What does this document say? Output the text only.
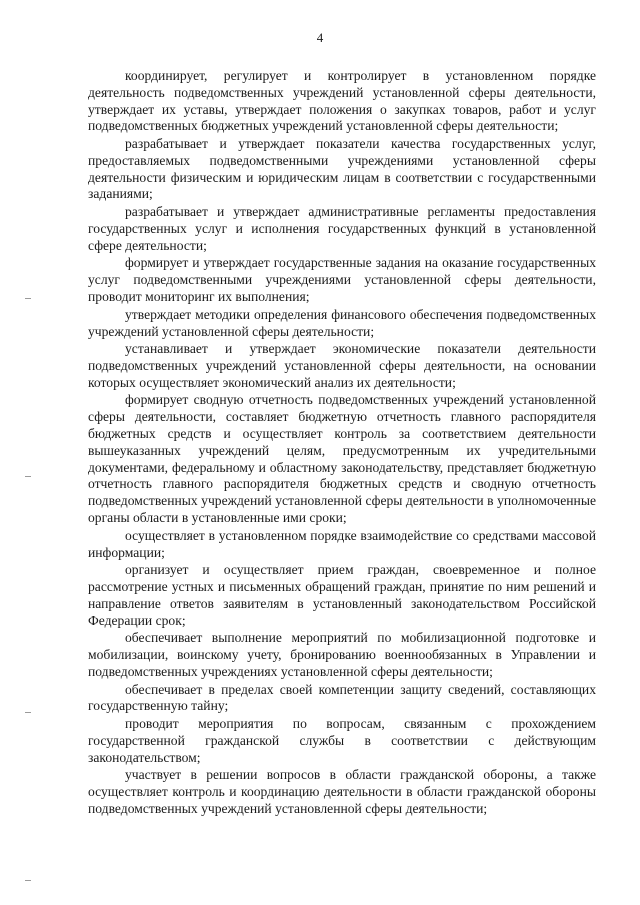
4

координирует, регулирует и контролирует в установленном порядке деятельность подведомственных учреждений установленной сферы деятельности, утверждает их уставы, утверждает положения о закупках товаров, работ и услуг подведомственных бюджетных учреждений установленной сферы деятельности;

разрабатывает и утверждает показатели качества государственных услуг, предоставляемых подведомственными учреждениями установленной сферы деятельности физическим и юридическим лицам в соответствии с государственными заданиями;

разрабатывает и утверждает административные регламенты предоставления государственных услуг и исполнения государственных функций в установленной сфере деятельности;

формирует и утверждает государственные задания на оказание государственных услуг подведомственными учреждениями установленной сферы деятельности, проводит мониторинг их выполнения;

утверждает методики определения финансового обеспечения подведомственных учреждений установленной сферы деятельности;

устанавливает и утверждает экономические показатели деятельности подведомственных учреждений установленной сферы деятельности, на основании которых осуществляет экономический анализ их деятельности;

формирует сводную отчетность подведомственных учреждений установленной сферы деятельности, составляет бюджетную отчетность главного распорядителя бюджетных средств и осуществляет контроль за соответствием деятельности вышеуказанных учреждений целям, предусмотренным их учредительными документами, федеральному и областному законодательству, представляет бюджетную отчетность главного распорядителя бюджетных средств и сводную отчетность подведомственных учреждений установленной сферы деятельности в уполномоченные органы области в установленные ими сроки;

осуществляет в установленном порядке взаимодействие со средствами массовой информации;

организует и осуществляет прием граждан, своевременное и полное рассмотрение устных и письменных обращений граждан, принятие по ним решений и направление ответов заявителям в установленный законодательством Российской Федерации срок;

обеспечивает выполнение мероприятий по мобилизационной подготовке и мобилизации, воинскому учету, бронированию военнообязанных в Управлении и подведомственных учреждениях установленной сферы деятельности;

обеспечивает в пределах своей компетенции защиту сведений, составляющих государственную тайну;

проводит мероприятия по вопросам, связанным с прохождением государственной гражданской службы в соответствии с действующим законодательством;

участвует в решении вопросов в области гражданской обороны, а также осуществляет контроль и координацию деятельности в области гражданской обороны подведомственных учреждений установленной сферы деятельности;
